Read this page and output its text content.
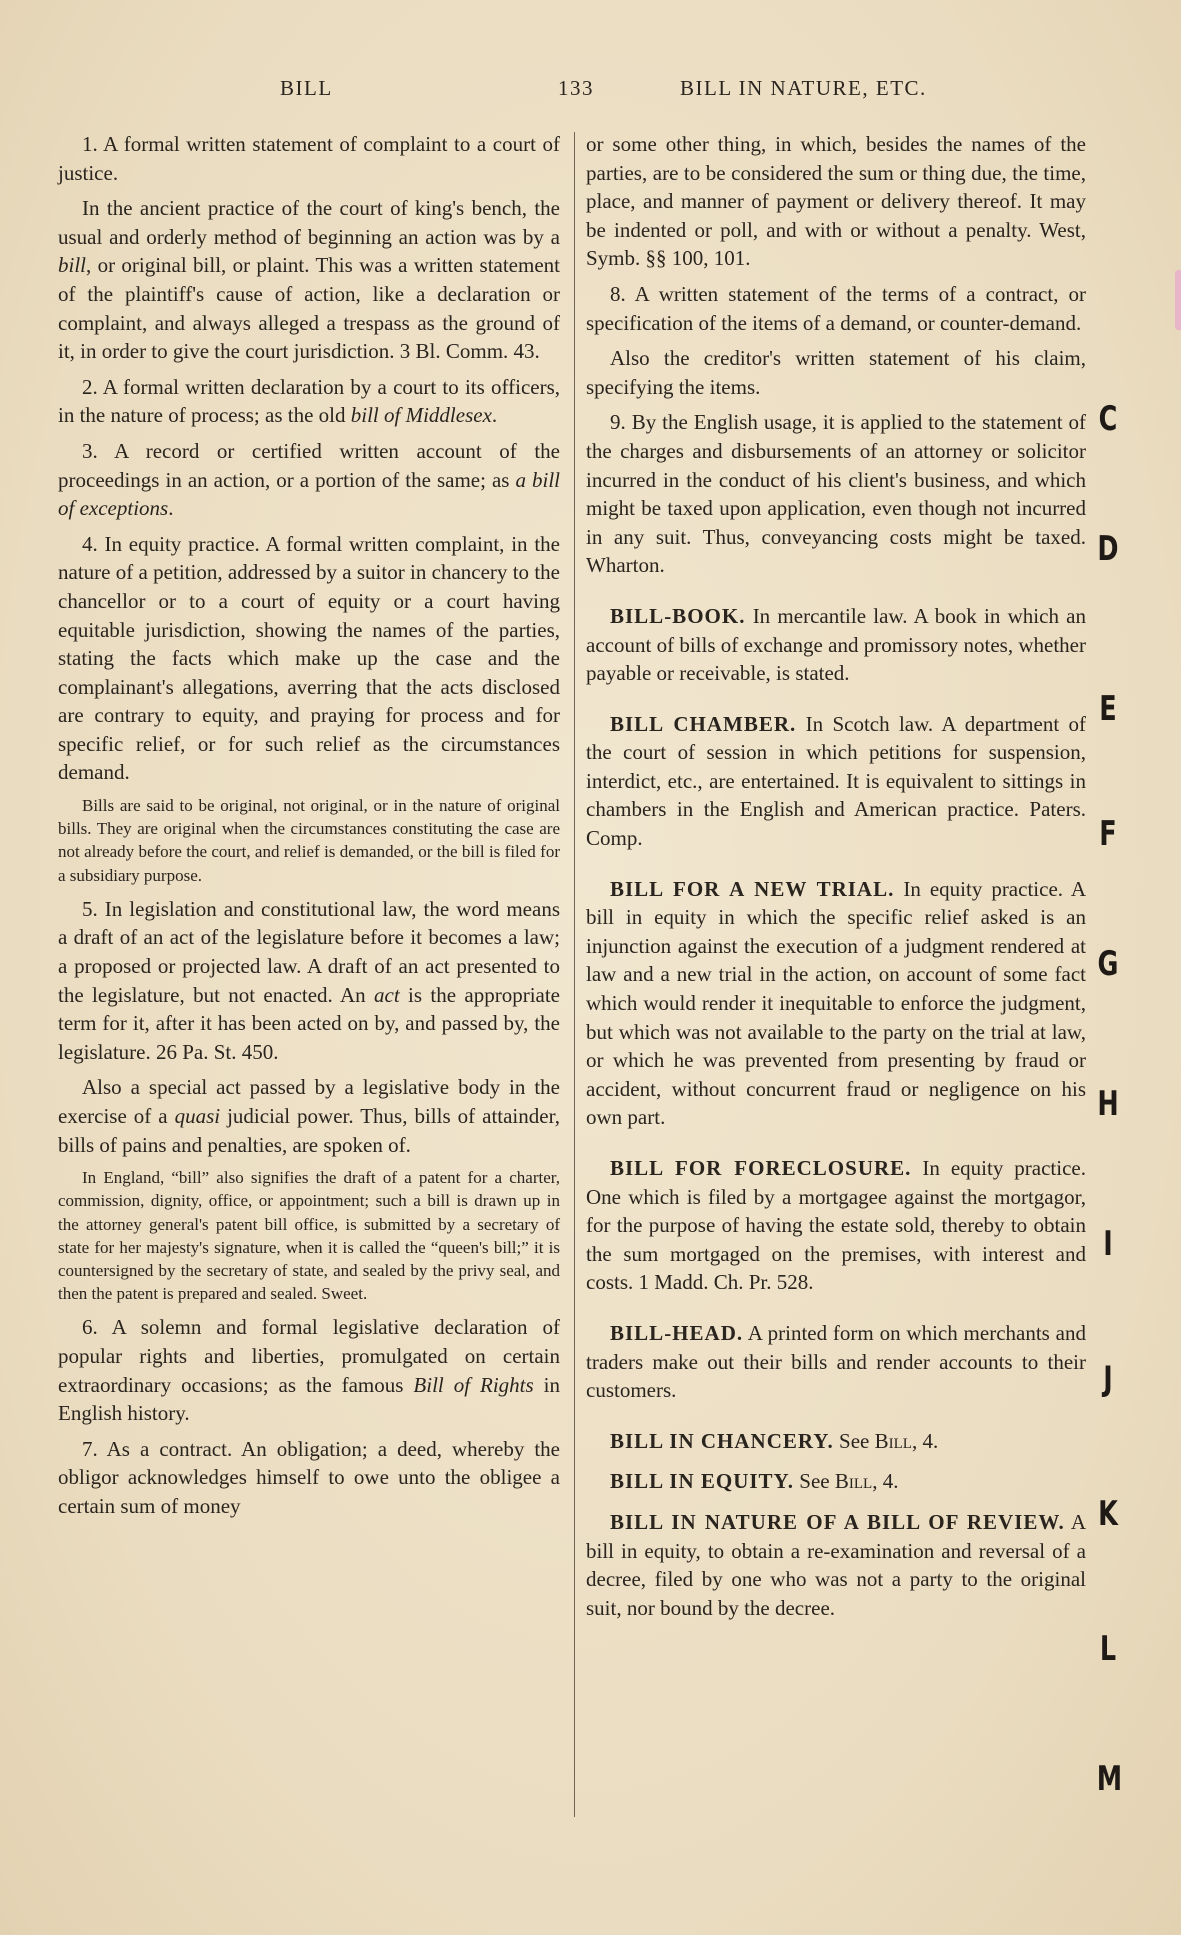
BILL	133	BILL IN NATURE, ETC.

1. A formal written statement of complaint to a court of justice.

In the ancient practice of the court of king's bench, the usual and orderly method of beginning an action was by a bill, or original bill, or plaint. This was a written statement of the plaintiff's cause of action, like a declaration or complaint, and always alleged a trespass as the ground of it, in order to give the court jurisdiction. 3 Bl. Comm. 43.

2. A formal written declaration by a court to its officers, in the nature of process; as the old bill of Middlesex.

3. A record or certified written account of the proceedings in an action, or a portion of the same; as a bill of exceptions.

4. In equity practice. A formal written complaint, in the nature of a petition, addressed by a suitor in chancery to the chancellor or to a court of equity or a court having equitable jurisdiction, showing the names of the parties, stating the facts which make up the case and the complainant's allegations, averring that the acts disclosed are contrary to equity, and praying for process and for specific relief, or for such relief as the circumstances demand.

Bills are said to be original, not original, or in the nature of original bills. They are original when the circumstances constituting the case are not already before the court, and relief is demanded, or the bill is filed for a subsidiary purpose.

5. In legislation and constitutional law, the word means a draft of an act of the legislature before it becomes a law; a proposed or projected law. A draft of an act presented to the legislature, but not enacted. An act is the appropriate term for it, after it has been acted on by, and passed by, the legislature. 26 Pa. St. 450.

Also a special act passed by a legislative body in the exercise of a quasi judicial power. Thus, bills of attainder, bills of pains and penalties, are spoken of.

In England, “bill” also signifies the draft of a patent for a charter, commission, dignity, office, or appointment; such a bill is drawn up in the attorney general's patent bill office, is submitted by a secretary of state for her majesty's signature, when it is called the “queen's bill;” it is countersigned by the secretary of state, and sealed by the privy seal, and then the patent is prepared and sealed. Sweet.

6. A solemn and formal legislative declaration of popular rights and liberties, promulgated on certain extraordinary occasions; as the famous Bill of Rights in English history.

7. As a contract. An obligation; a deed, whereby the obligor acknowledges himself to owe unto the obligee a certain sum of money

or some other thing, in which, besides the names of the parties, are to be considered the sum or thing due, the time, place, and manner of payment or delivery thereof. It may be indented or poll, and with or without a penalty. West, Symb. §§ 100, 101.

8. A written statement of the terms of a contract, or specification of the items of a demand, or counter-demand.

Also the creditor's written statement of his claim, specifying the items.

9. By the English usage, it is applied to the statement of the charges and disbursements of an attorney or solicitor incurred in the conduct of his client's business, and which might be taxed upon application, even though not incurred in any suit. Thus, conveyancing costs might be taxed. Wharton.

BILL-BOOK. In mercantile law. A book in which an account of bills of exchange and promissory notes, whether payable or receivable, is stated.

BILL CHAMBER. In Scotch law. A department of the court of session in which petitions for suspension, interdict, etc., are entertained. It is equivalent to sittings in chambers in the English and American practice. Paters. Comp.

BILL FOR A NEW TRIAL. In equity practice. A bill in equity in which the specific relief asked is an injunction against the execution of a judgment rendered at law and a new trial in the action, on account of some fact which would render it inequitable to enforce the judgment, but which was not available to the party on the trial at law, or which he was prevented from presenting by fraud or accident, without concurrent fraud or negligence on his own part.

BILL FOR FORECLOSURE. In equity practice. One which is filed by a mortgagee against the mortgagor, for the purpose of having the estate sold, thereby to obtain the sum mortgaged on the premises, with interest and costs. 1 Madd. Ch. Pr. 528.

BILL-HEAD. A printed form on which merchants and traders make out their bills and render accounts to their customers.

BILL IN CHANCERY. See Bill, 4.

BILL IN EQUITY. See Bill, 4.

BILL IN NATURE OF A BILL OF REVIEW. A bill in equity, to obtain a re-examination and reversal of a decree, filed by one who was not a party to the original suit, nor bound by the decree.

C
D
E
F
G
H
I
J
K
L
M
